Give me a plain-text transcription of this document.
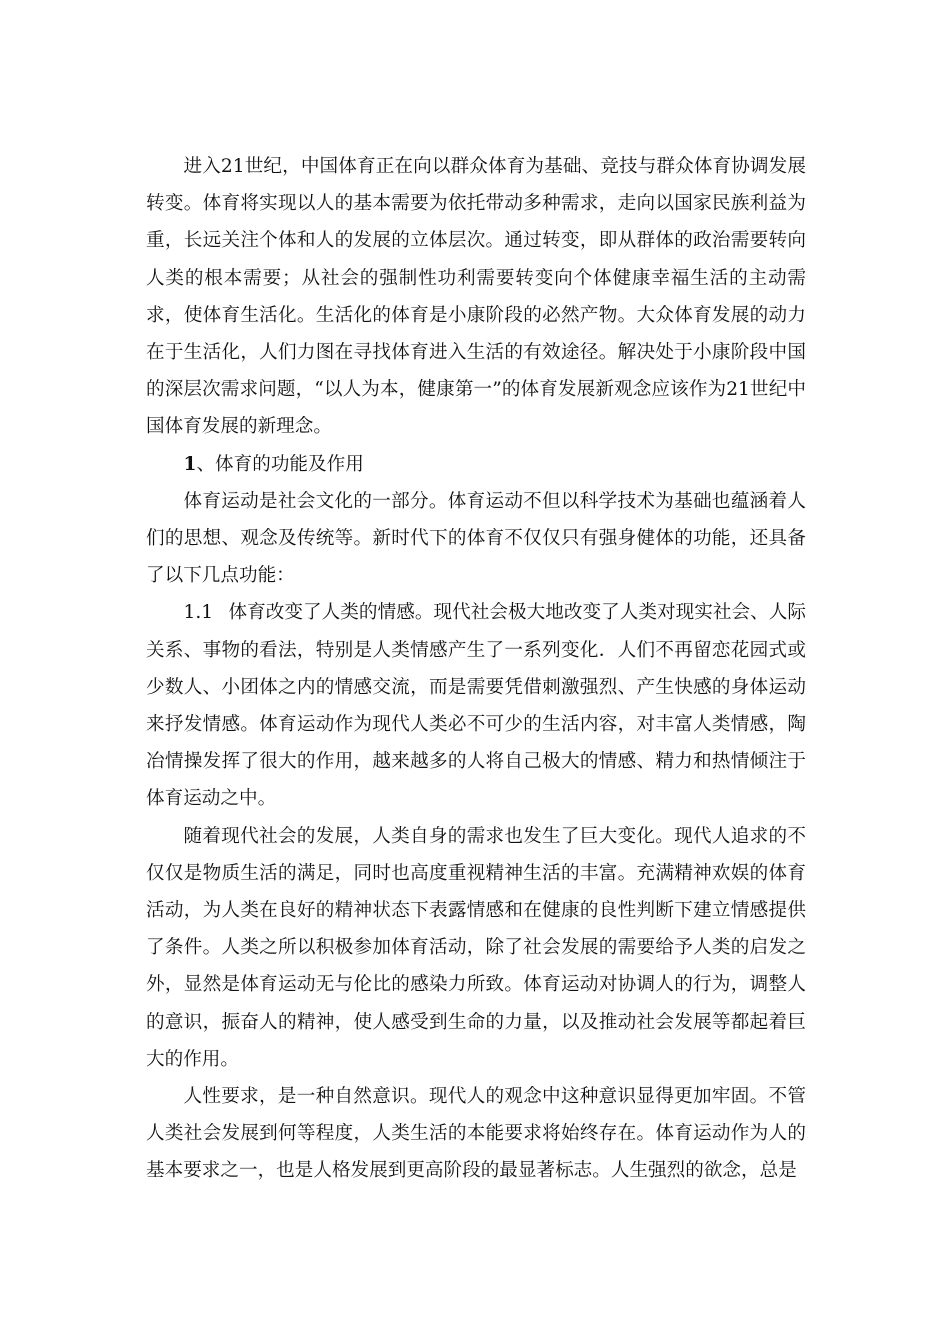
进入21世纪，中国体育正在向以群众体育为基础、竞技与群众体育协调发展转变。体育将实现以人的基本需要为依托带动多种需求，走向以国家民族利益为重，长远关注个体和人的发展的立体层次。通过转变，即从群体的政治需要转向人类的根本需要；从社会的强制性功利需要转变向个体健康幸福生活的主动需求，使体育生活化。生活化的体育是小康阶段的必然产物。大众体育发展的动力在于生活化，人们力图在寻找体育进入生活的有效途径。解决处于小康阶段中国的深层次需求问题，“以人为本，健康第一”的体育发展新观念应该作为21世纪中国体育发展的新理念。

1、体育的功能及作用

体育运动是社会文化的一部分。体育运动不但以科学技术为基础也蕴涵着人们的思想、观念及传统等。新时代下的体育不仅仅只有强身健体的功能，还具备了以下几点功能：

1.1 体育改变了人类的情感。现代社会极大地改变了人类对现实社会、人际关系、事物的看法，特别是人类情感产生了一系列变化．人们不再留恋花园式或少数人、小团体之内的情感交流，而是需要凭借刺激强烈、产生快感的身体运动来抒发情感。体育运动作为现代人类必不可少的生活内容，对丰富人类情感，陶冶情操发挥了很大的作用，越来越多的人将自己极大的情感、精力和热情倾注于体育运动之中。

随着现代社会的发展，人类自身的需求也发生了巨大变化。现代人追求的不仅仅是物质生活的满足，同时也高度重视精神生活的丰富。充满精神欢娱的体育活动，为人类在良好的精神状态下表露情感和在健康的良性判断下建立情感提供了条件。人类之所以积极参加体育活动，除了社会发展的需要给予人类的启发之外，显然是体育运动无与伦比的感染力所致。体育运动对协调人的行为，调整人的意识，振奋人的精神，使人感受到生命的力量，以及推动社会发展等都起着巨大的作用。

人性要求，是一种自然意识。现代人的观念中这种意识显得更加牢固。不管人类社会发展到何等程度，人类生活的本能要求将始终存在。体育运动作为人的基本要求之一，也是人格发展到更高阶段的最显著标志。人生强烈的欲念，总是
